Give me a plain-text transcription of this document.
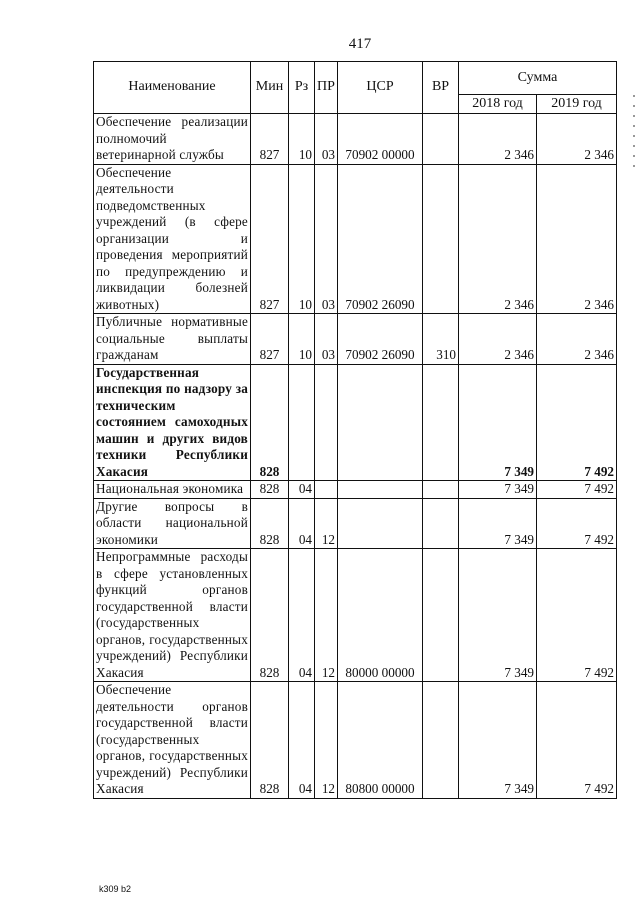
417
Наименование	Мин	Рз	ПР	ЦСР	ВР	Сумма	
						2018 год	2019 год
Обеспечение реализации полномочий ветеринарной службы	827	10	03	70902 00000		2 346	2 346
Обеспечение деятельности подведомственных учреждений (в сфере организации и проведения мероприятий по предупреждению и ликвидации болезней животных)	827	10	03	70902 26090		2 346	2 346
Публичные нормативные социальные выплаты гражданам	827	10	03	70902 26090	310	2 346	2 346
Государственная инспекция по надзору за техническим состоянием самоходных машин и других видов техники Республики Хакасия	828					7 349	7 492
Национальная экономика	828	04				7 349	7 492
Другие вопросы в области национальной экономики	828	04	12			7 349	7 492
Непрограммные расходы в сфере установленных функций органов государственной власти (государственных органов, государственных учреждений) Республики Хакасия	828	04	12	80000 00000		7 349	7 492
Обеспечение деятельности органов государственной власти (государственных органов, государственных учреждений) Республики Хакасия	828	04	12	80800 00000		7 349	7 492
k309 b2
